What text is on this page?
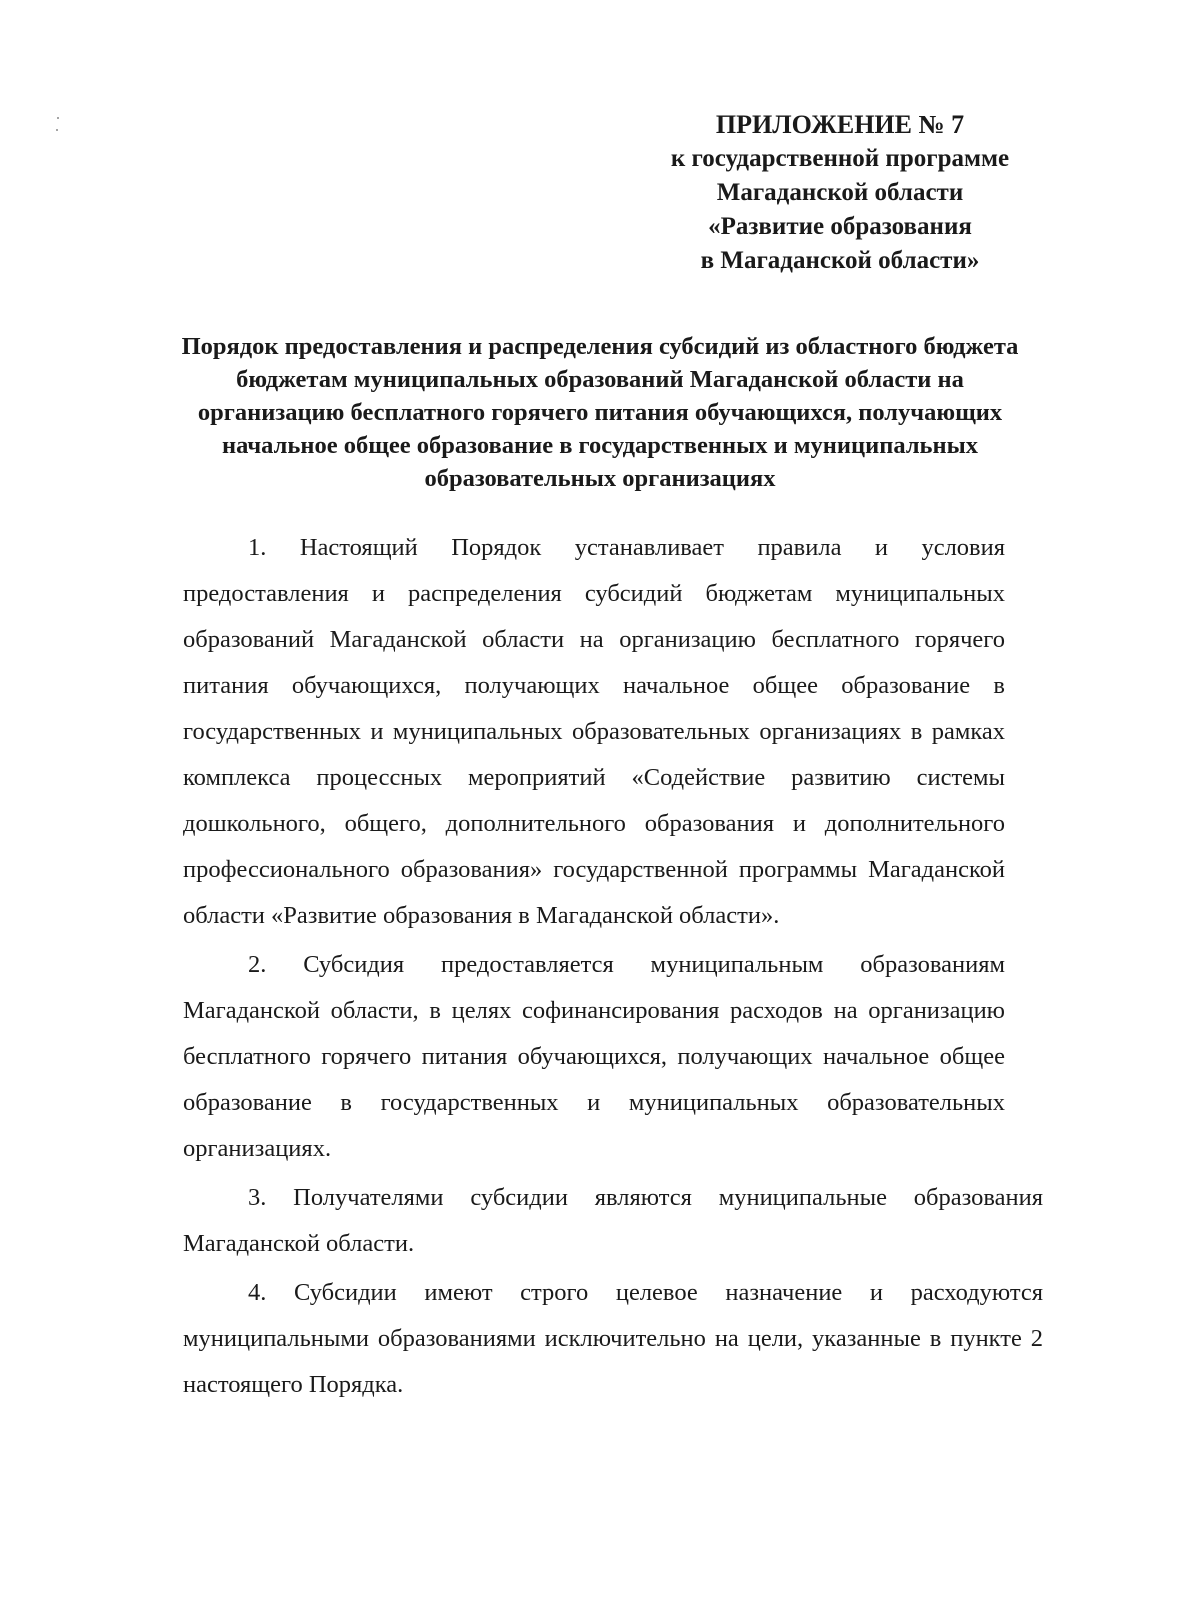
ПРИЛОЖЕНИЕ № 7
к государственной программе
Магаданской области
«Развитие образования
в Магаданской области»
Порядок предоставления и распределения субсидий из областного бюджета бюджетам муниципальных образований Магаданской области на организацию бесплатного горячего питания обучающихся, получающих начальное общее образование в государственных и муниципальных образовательных организациях

1. Настоящий Порядок устанавливает правила и условия предоставления и распределения субсидий бюджетам муниципальных образований Магаданской области на организацию бесплатного горячего питания обучающихся, получающих начальное общее образование в государственных и муниципальных образовательных организациях в рамках комплекса процессных мероприятий «Содействие развитию системы дошкольного, общего, дополнительного образования и дополнительного профессионального образования» государственной программы Магаданской области «Развитие образования в Магаданской области».

2. Субсидия предоставляется муниципальным образованиям Магаданской области, в целях софинансирования расходов на организацию бесплатного горячего питания обучающихся, получающих начальное общее образование в государственных и муниципальных образовательных организациях.

3. Получателями субсидии являются муниципальные образования Магаданской области.

4. Субсидии имеют строго целевое назначение и расходуются муниципальными образованиями исключительно на цели, указанные в пункте 2 настоящего Порядка.
